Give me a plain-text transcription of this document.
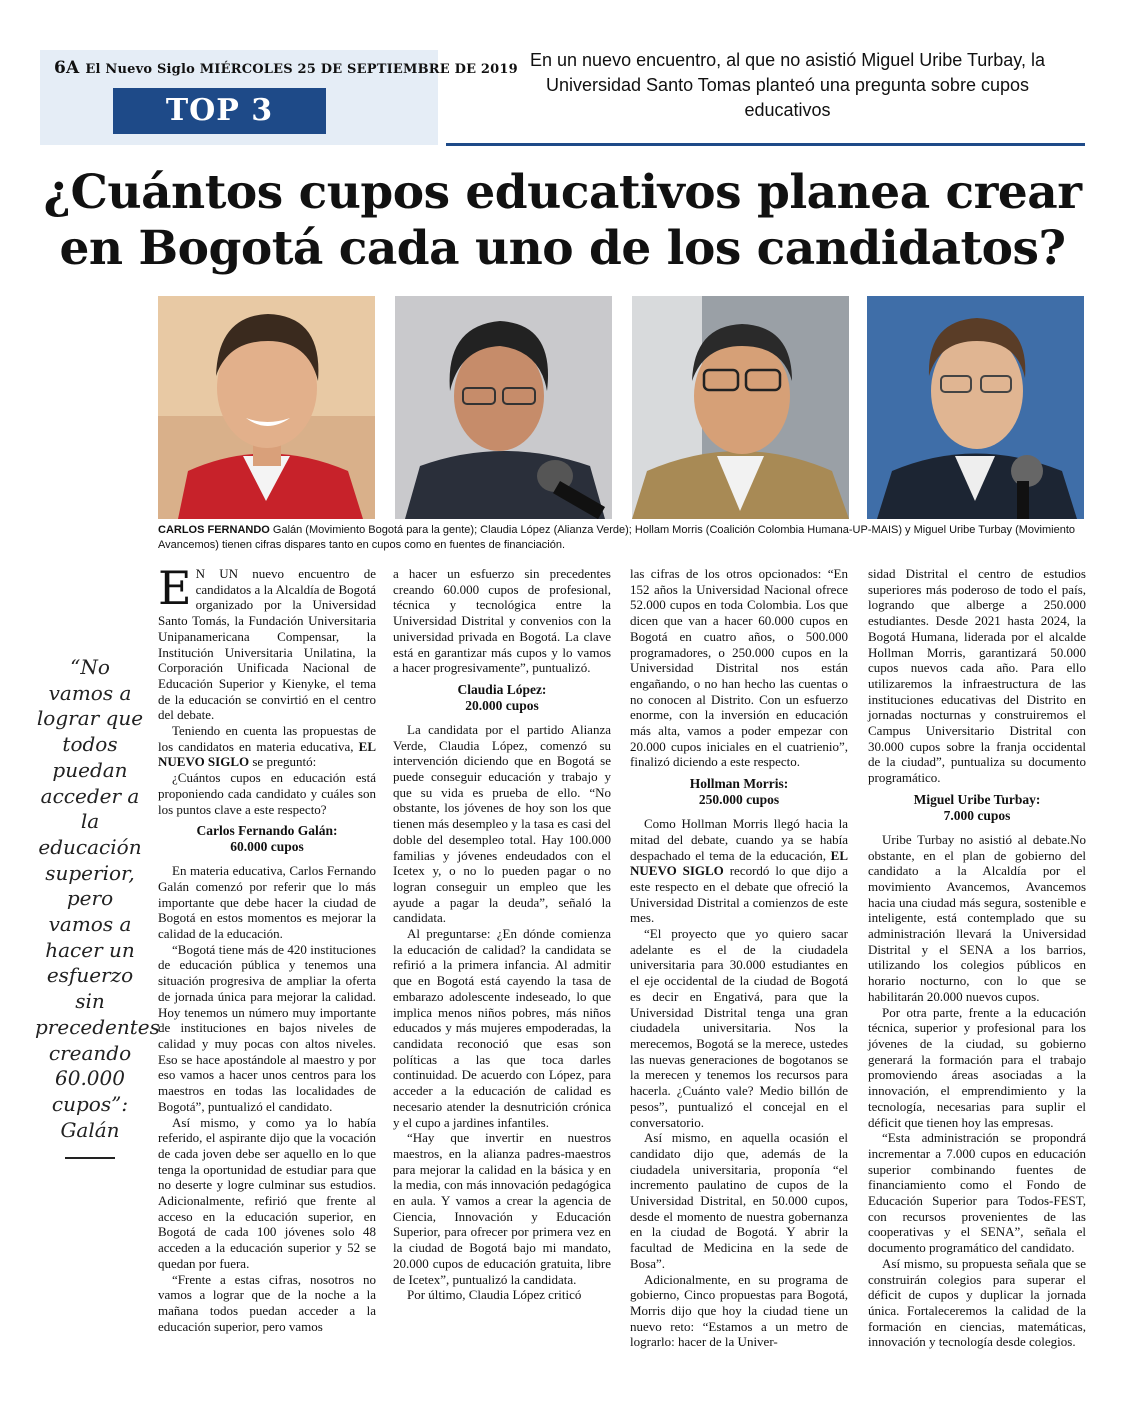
6A El Nuevo Siglo MIÉRCOLES 25 DE SEPTIEMBRE DE 2019
TOP 3
En un nuevo encuentro, al que no asistió Miguel Uribe Turbay, la Universidad Santo Tomas planteó una pregunta sobre cupos educativos
¿Cuántos cupos educativos planea crear en Bogotá cada uno de los candidatos?
CARLOS FERNANDO Galán (Movimiento Bogotá para la gente); Claudia López (Alianza Verde); Hollam Morris (Coalición Colombia Humana-UP-MAIS) y Miguel Uribe Turbay (Movimiento Avancemos) tienen cifras dispares tanto en cupos como en fuentes de financiación.
“No vamos a lograr que todos puedan acceder a la educación superior, pero vamos a hacer un esfuerzo sin precedentes creando 60.000 cupos”: Galán

E N UN nuevo encuentro de candidatos a la Alcaldía de Bogotá organizado por la Universidad Santo Tomás, la Fundación Universitaria Unipanamericana Compensar, la Institución Universitaria Unilatina, la Corporación Unificada Nacional de Educación Superior y Kienyke, el tema de la educación se convirtió en el centro del debate.

Teniendo en cuenta las propuestas de los candidatos en materia educativa, EL NUEVO SIGLO se preguntó:

¿Cuántos cupos en educación está proponiendo cada candidato y cuáles son los puntos clave a este respecto?

Carlos Fernando Galán:
60.000 cupos

En materia educativa, Carlos Fernando Galán comenzó por referir que lo más importante que debe hacer la ciudad de Bogotá en estos momentos es mejorar la calidad de la educación.

“Bogotá tiene más de 420 instituciones de educación pública y tenemos una situación progresiva de ampliar la oferta de jornada única para mejorar la calidad. Hoy tenemos un número muy importante de instituciones en bajos niveles de calidad y muy pocas con altos niveles. Eso se hace apostándole al maestro y por eso vamos a hacer unos centros para los maestros en todas las localidades de Bogotá”, puntualizó el candidato.

Así mismo, y como ya lo había referido, el aspirante dijo que la vocación de cada joven debe ser aquello en lo que tenga la oportunidad de estudiar para que no deserte y logre culminar sus estudios. Adicionalmente, refirió que frente al acceso en la educación superior, en Bogotá de cada 100 jóvenes solo 48 acceden a la educación superior y 52 se quedan por fuera.

“Frente a estas cifras, nosotros no vamos a lograr que de la noche a la mañana todos puedan acceder a la educación superior, pero vamos

a hacer un esfuerzo sin precedentes creando 60.000 cupos de profesional, técnica y tecnológica entre la Universidad Distrital y convenios con la universidad privada en Bogotá. La clave está en garantizar más cupos y lo vamos a hacer progresivamente”, puntualizó.

Claudia López:
20.000 cupos

La candidata por el partido Alianza Verde, Claudia López, comenzó su intervención diciendo que en Bogotá se puede conseguir educación y trabajo y que su vida es prueba de ello. “No obstante, los jóvenes de hoy son los que tienen más desempleo y la tasa es casi del doble del desempleo total. Hay 100.000 familias y jóvenes endeudados con el Icetex y, o no lo pueden pagar o no logran conseguir un empleo que les ayude a pagar la deuda”, señaló la candidata.

Al preguntarse: ¿En dónde comienza la educación de calidad? la candidata se refirió a la primera infancia. Al admitir que en Bogotá está cayendo la tasa de embarazo adolescente indeseado, lo que implica menos niños pobres, más niños educados y más mujeres empoderadas, la candidata reconoció que esas son políticas a las que toca darles continuidad. De acuerdo con López, para acceder a la educación de calidad es necesario atender la desnutrición crónica y el cupo a jardines infantiles.

“Hay que invertir en nuestros maestros, en la alianza padres-maestros para mejorar la calidad en la básica y en la media, con más innovación pedagógica en aula. Y vamos a crear la agencia de Ciencia, Innovación y Educación Superior, para ofrecer por primera vez en la ciudad de Bogotá bajo mi mandato, 20.000 cupos de educación gratuita, libre de Icetex”, puntualizó la candidata.

Por último, Claudia López criticó

las cifras de los otros opcionados: “En 152 años la Universidad Nacional ofrece 52.000 cupos en toda Colombia. Los que dicen que van a hacer 60.000 cupos en Bogotá en cuatro años, o 500.000 programadores, o 250.000 cupos en la Universidad Distrital nos están engañando, o no han hecho las cuentas o no conocen al Distrito. Con un esfuerzo enorme, con la inversión en educación más alta, vamos a poder empezar con 20.000 cupos iniciales en el cuatrienio”, finalizó diciendo a este respecto.

Hollman Morris:
250.000 cupos

Como Hollman Morris llegó hacia la mitad del debate, cuando ya se había despachado el tema de la educación, EL NUEVO SIGLO recordó lo que dijo a este respecto en el debate que ofreció la Universidad Distrital a comienzos de este mes.

“El proyecto que yo quiero sacar adelante es el de la ciudadela universitaria para 30.000 estudiantes en el eje occidental de la ciudad de Bogotá es decir en Engativá, para que la Universidad Distrital tenga una gran ciudadela universitaria. Nos la merecemos, Bogotá se la merece, ustedes las nuevas generaciones de bogotanos se la merecen y tenemos los recursos para hacerla. ¿Cuánto vale? Medio billón de pesos”, puntualizó el concejal en el conversatorio.

Así mismo, en aquella ocasión el candidato dijo que, además de la ciudadela universitaria, proponía “el incremento paulatino de cupos de la Universidad Distrital, en 50.000 cupos, desde el momento de nuestra gobernanza en la ciudad de Bogotá. Y abrir la facultad de Medicina en la sede de Bosa”.

Adicionalmente, en su programa de gobierno, Cinco propuestas para Bogotá, Morris dijo que hoy la ciudad tiene un nuevo reto: “Estamos a un metro de lograrlo: hacer de la Univer-

sidad Distrital el centro de estudios superiores más poderoso de todo el país, logrando que alberge a 250.000 estudiantes. Desde 2021 hasta 2024, la Bogotá Humana, liderada por el alcalde Hollman Morris, garantizará 50.000 cupos nuevos cada año. Para ello utilizaremos la infraestructura de las instituciones educativas del Distrito en jornadas nocturnas y construiremos el Campus Universitario Distrital con 30.000 cupos sobre la franja occidental de la ciudad”, puntualiza su documento programático.

Miguel Uribe Turbay:
7.000 cupos

Uribe Turbay no asistió al debate.No obstante, en el plan de gobierno del candidato a la Alcaldía por el movimiento Avancemos, Avancemos hacia una ciudad más segura, sostenible e inteligente, está contemplado que su administración llevará la Universidad Distrital y el SENA a los barrios, utilizando los colegios públicos en horario nocturno, con lo que se habilitarán 20.000 nuevos cupos.

Por otra parte, frente a la educación técnica, superior y profesional para los jóvenes de la ciudad, su gobierno generará la formación para el trabajo promoviendo áreas asociadas a la innovación, el emprendimiento y la tecnología, necesarias para suplir el déficit que tienen hoy las empresas.

“Esta administración se propondrá incrementar a 7.000 cupos en educación superior combinando fuentes de financiamiento como el Fondo de Educación Superior para Todos-FEST, con recursos provenientes de las cooperativas y el SENA”, señala el documento programático del candidato.

Así mismo, su propuesta señala que se construirán colegios para superar el déficit de cupos y duplicar la jornada única. Fortaleceremos la calidad de la formación en ciencias, matemáticas, innovación y tecnología desde colegios.
